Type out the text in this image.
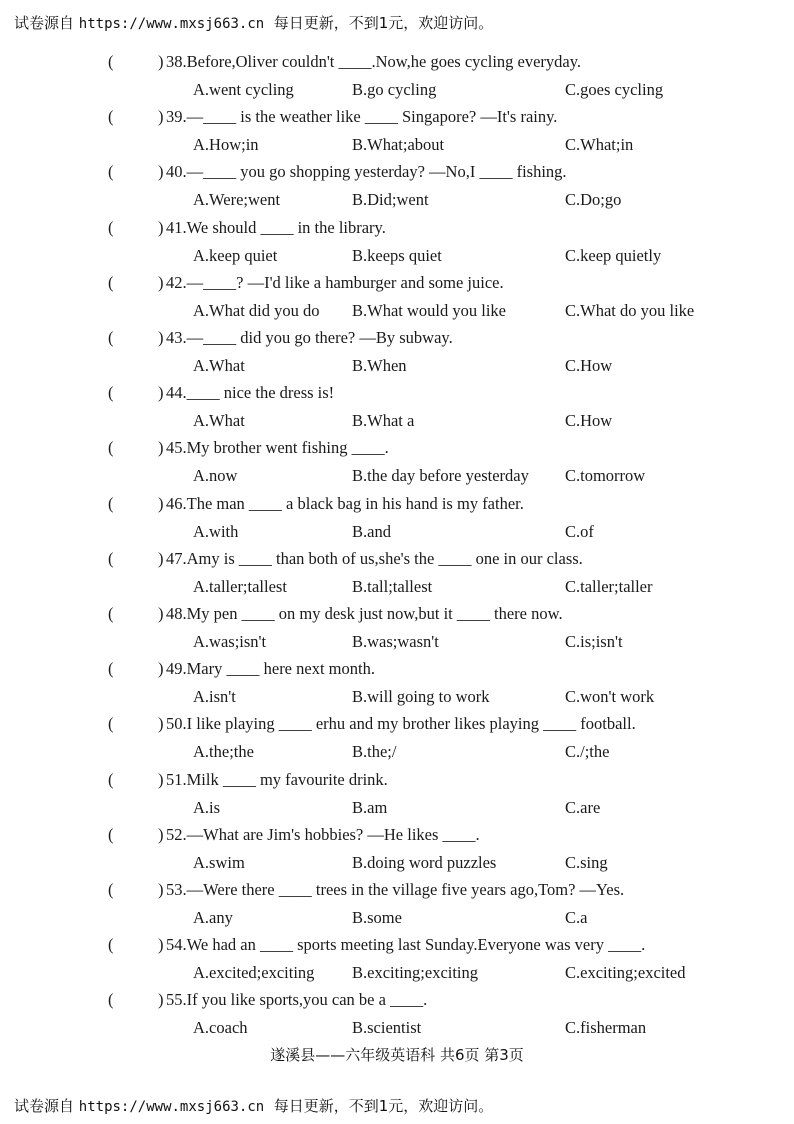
试卷源自 https://www.mxsj663.cn  每日更新，不到1元，欢迎访问。
(	) 38.Before,Oliver couldn't ____.Now,he goes cycling everyday.
A.went cycling	B.go cycling	C.goes cycling
(	) 39.—____ is the weather like ____ Singapore? —It's rainy.
A.How;in	B.What;about	C.What;in
(	) 40.—____ you go shopping yesterday? —No,I ____ fishing.
A.Were;went	B.Did;went	C.Do;go
(	) 41.We should ____ in the library.
A.keep quiet	B.keeps quiet	C.keep quietly
(	) 42.—____? —I'd like a hamburger and some juice.
A.What did you do B.What would you like	C.What do you like
(	) 43.—____ did you go there? —By subway.
A.What	B.When	C.How
(	) 44.____ nice the dress is!
A.What	B.What a	C.How
(	) 45.My brother went fishing ____.
A.now	B.the day before yesterday C.tomorrow
(	) 46.The man ____ a black bag in his hand is my father.
A.with	B.and	C.of
(	) 47.Amy is ____ than both of us,she's the ____ one in our class.
A.taller;tallest	B.tall;tallest	C.taller;taller
(	) 48.My pen ____ on my desk just now,but it ____ there now.
A.was;isn't	B.was;wasn't	C.is;isn't
(	) 49.Mary ____ here next month.
A.isn't	B.will going to work	C.won't work
(	) 50.I like playing ____ erhu and my brother likes playing ____ football.
A.the;the	B.the;/	C./;the
(	) 51.Milk ____ my favourite drink.
A.is	B.am	C.are
(	) 52.—What are Jim's hobbies? —He likes ____.
A.swim	B.doing word puzzles	C.sing
(	) 53.—Were there ____ trees in the village five years ago,Tom? —Yes.
A.any	B.some	C.a
(	) 54.We had an ____ sports meeting last Sunday.Everyone was very ____.
A.excited;exciting B.exciting;exciting	C.exciting;excited
(	) 55.If you like sports,you can be a ____.
A.coach	B.scientist	C.fisherman
遂溪县——六年级英语科 共6页 第3页
试卷源自 https://www.mxsj663.cn  每日更新，不到1元，欢迎访问。
